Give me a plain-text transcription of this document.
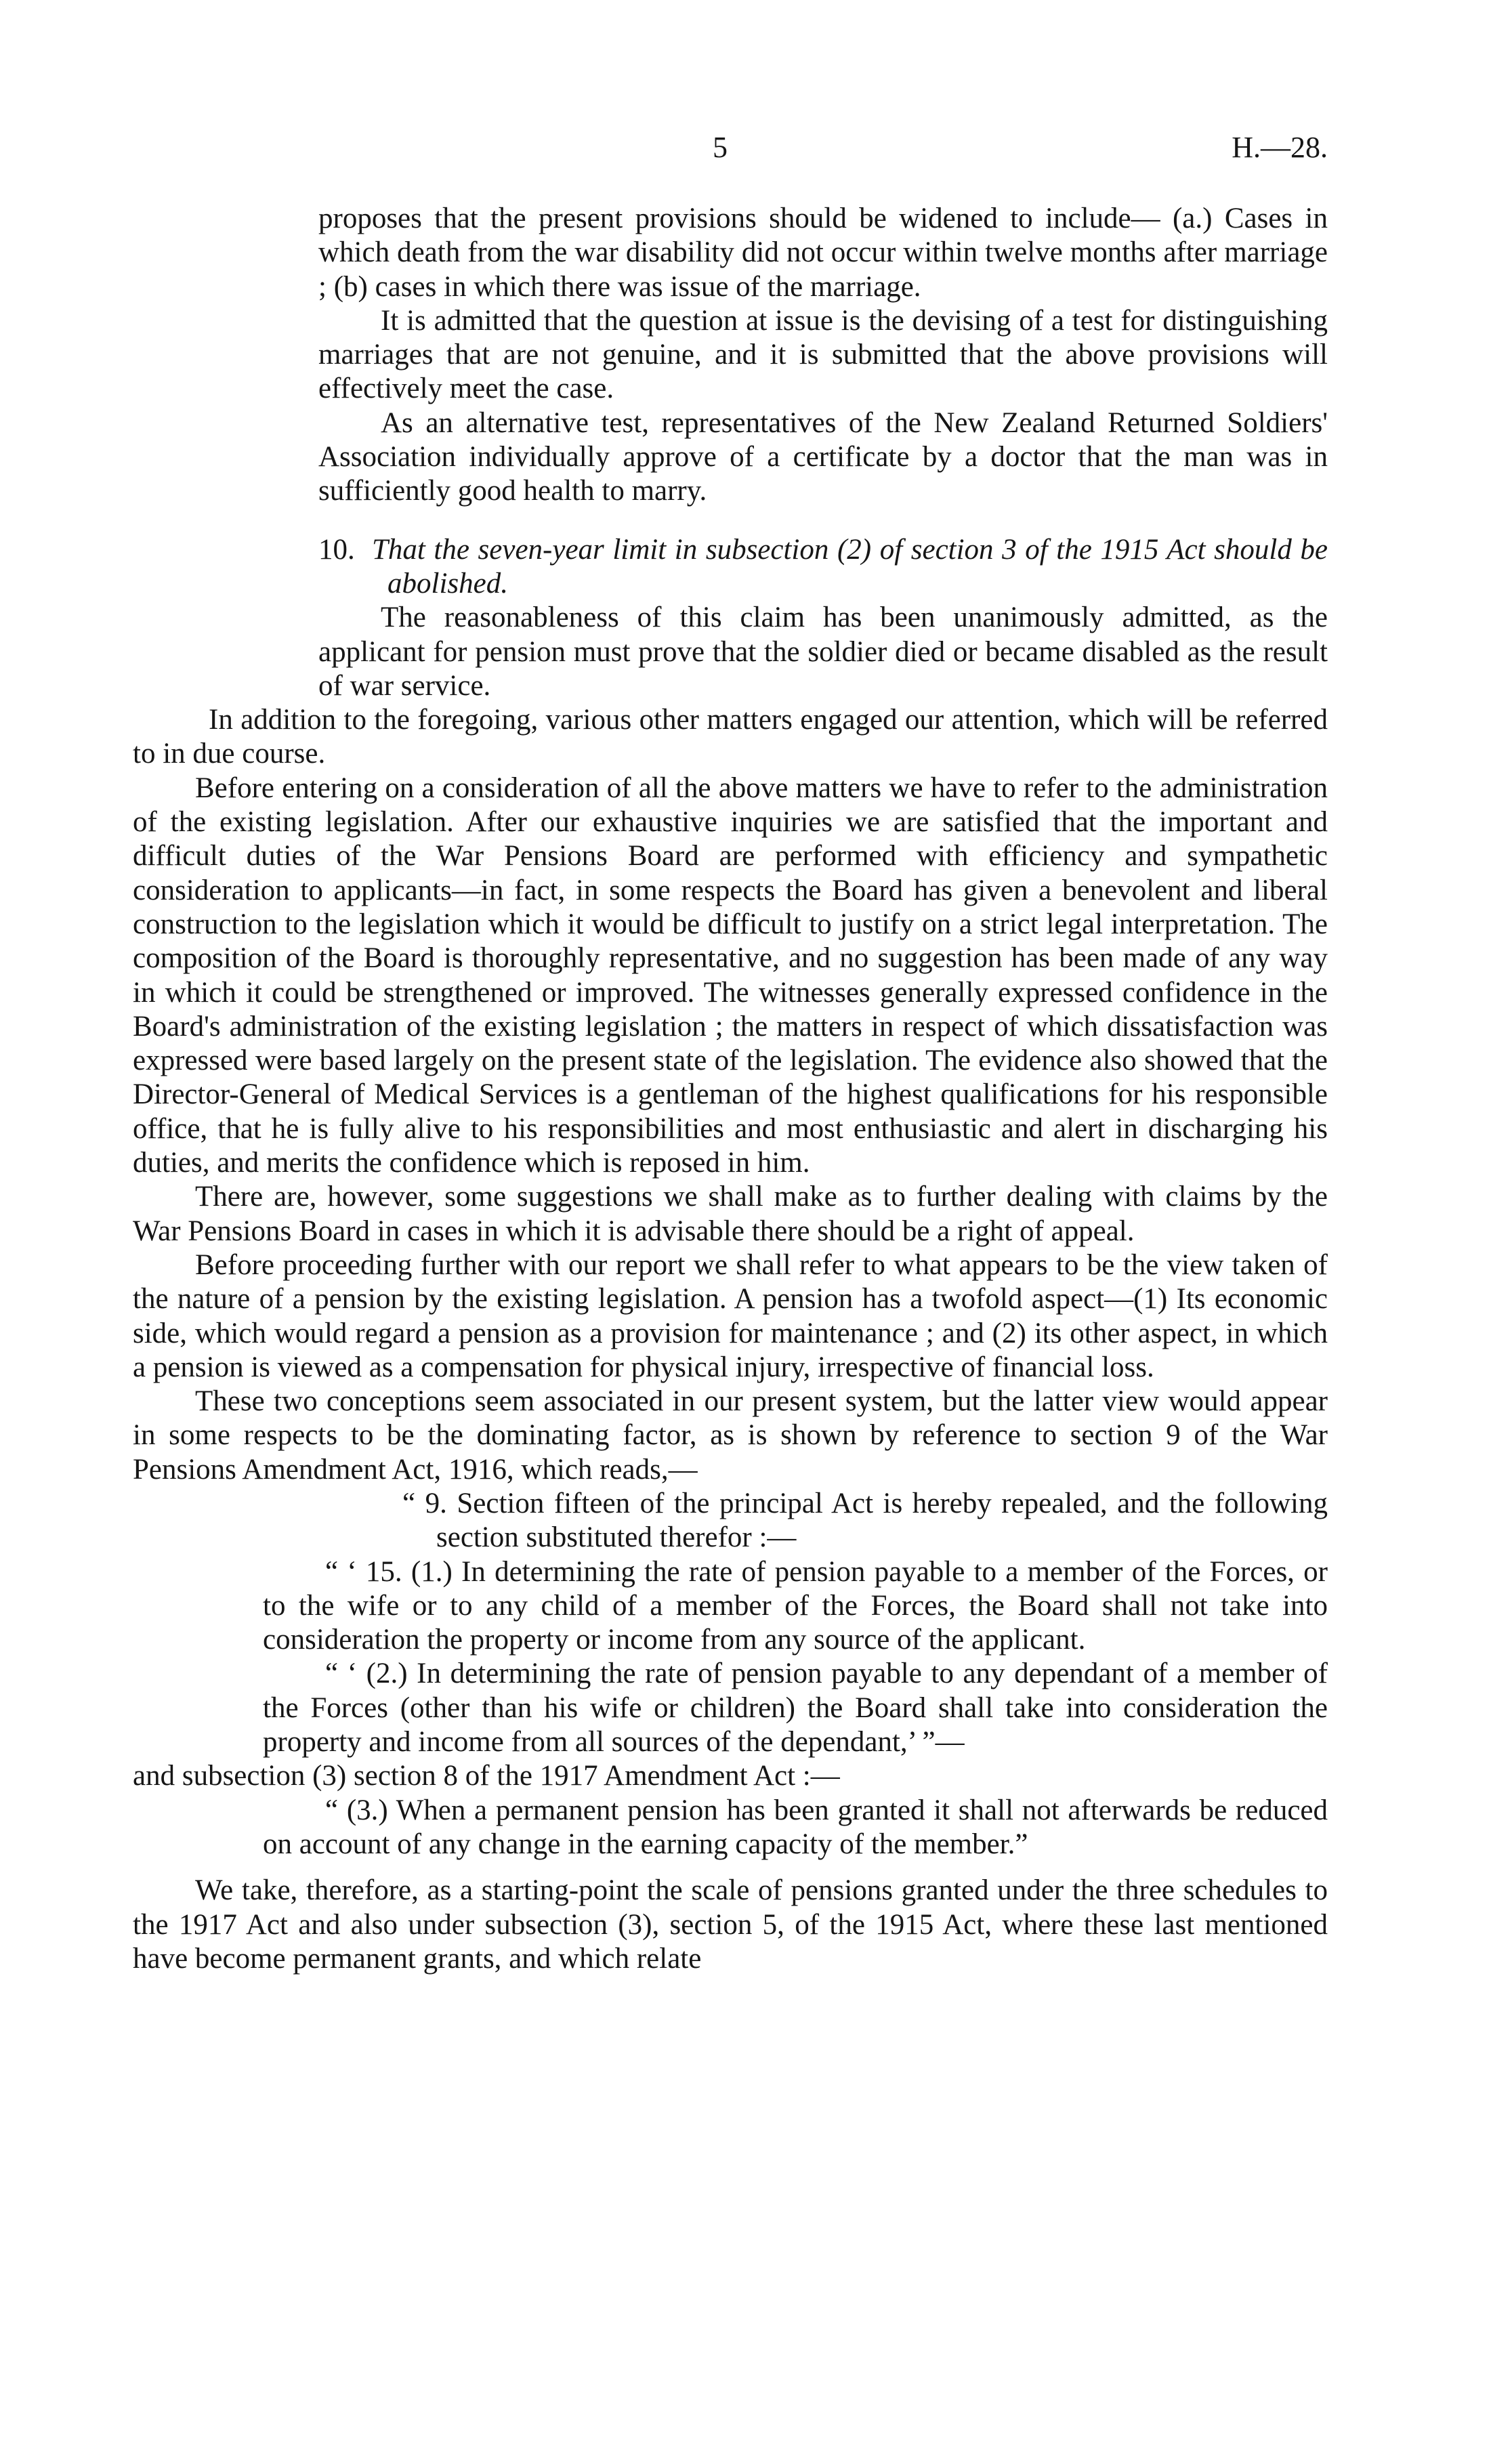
5	H.—28.

proposes that the present provisions should be widened to include— (a.) Cases in which death from the war disability did not occur within twelve months after marriage ; (b) cases in which there was issue of the marriage.

It is admitted that the question at issue is the devising of a test for distinguishing marriages that are not genuine, and it is submitted that the above provisions will effectively meet the case.

As an alternative test, representatives of the New Zealand Returned Soldiers' Association individually approve of a certificate by a doctor that the man was in sufficiently good health to marry.

10. That the seven-year limit in subsection (2) of section 3 of the 1915 Act should be abolished.

The reasonableness of this claim has been unanimously admitted, as the applicant for pension must prove that the soldier died or became disabled as the result of war service.

In addition to the foregoing, various other matters engaged our attention, which will be referred to in due course.

Before entering on a consideration of all the above matters we have to refer to the administration of the existing legislation. After our exhaustive inquiries we are satisfied that the important and difficult duties of the War Pensions Board are performed with efficiency and sympathetic consideration to applicants—in fact, in some respects the Board has given a benevolent and liberal construction to the legislation which it would be difficult to justify on a strict legal interpretation. The composition of the Board is thoroughly representative, and no suggestion has been made of any way in which it could be strengthened or improved. The witnesses generally expressed confidence in the Board's administration of the existing legislation ; the matters in respect of which dissatisfaction was expressed were based largely on the present state of the legislation. The evidence also showed that the Director-General of Medical Services is a gentleman of the highest qualifications for his responsible office, that he is fully alive to his responsibilities and most enthusiastic and alert in discharging his duties, and merits the confidence which is reposed in him.

There are, however, some suggestions we shall make as to further dealing with claims by the War Pensions Board in cases in which it is advisable there should be a right of appeal.

Before proceeding further with our report we shall refer to what appears to be the view taken of the nature of a pension by the existing legislation. A pension has a twofold aspect—(1) Its economic side, which would regard a pension as a provision for maintenance ; and (2) its other aspect, in which a pension is viewed as a compensation for physical injury, irrespective of financial loss.

These two conceptions seem associated in our present system, but the latter view would appear in some respects to be the dominating factor, as is shown by reference to section 9 of the War Pensions Amendment Act, 1916, which reads,—

“ 9. Section fifteen of the principal Act is hereby repealed, and the following section substituted therefor :—

“ ‘ 15. (1.) In determining the rate of pension payable to a member of the Forces, or to the wife or to any child of a member of the Forces, the Board shall not take into consideration the property or income from any source of the applicant.

“ ‘ (2.) In determining the rate of pension payable to any dependant of a member of the Forces (other than his wife or children) the Board shall take into consideration the property and income from all sources of the dependant,’ ”—

and subsection (3) section 8 of the 1917 Amendment Act :—

“ (3.) When a permanent pension has been granted it shall not afterwards be reduced on account of any change in the earning capacity of the member.”

We take, therefore, as a starting-point the scale of pensions granted under the three schedules to the 1917 Act and also under subsection (3), section 5, of the 1915 Act, where these last mentioned have become permanent grants, and which relate
